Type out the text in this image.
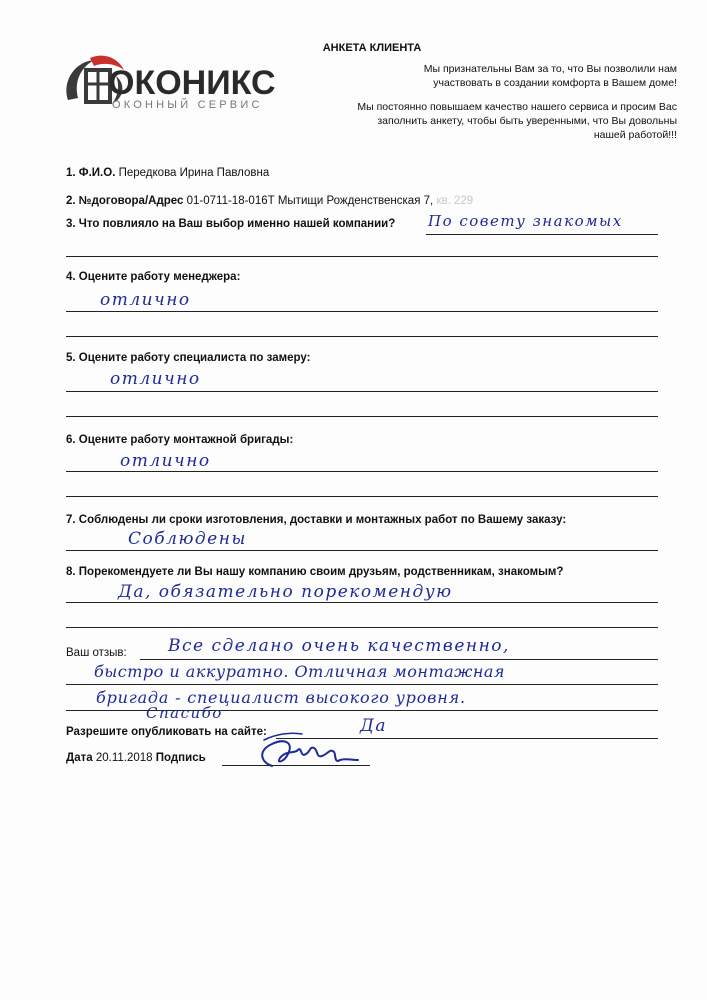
ОКОНИКС
ОКОННЫЙ СЕРВИС
АНКЕТА КЛИЕНТА
Мы признательны Вам за то, что Вы позволили нам участвовать в создании комфорта в Вашем доме!
Мы постоянно повышаем качество нашего сервиса и просим Вас заполнить анкету, чтобы быть уверенными, что Вы довольны нашей работой!!!
1. Ф.И.О. Передкова Ирина Павловна
2. №договора/Адрес 01-0711-18-016Т Мытищи Рожденственская 7, кв. 229
3. Что повлияло на Ваш выбор именно нашей компании? По совету знакомых
4. Оцените работу менеджера:
отлично
5. Оцените работу специалиста по замеру:
отлично
6. Оцените работу монтажной бригады:
отлично
7. Соблюдены ли сроки изготовления, доставки и монтажных работ по Вашему заказу:
Соблюдены
8. Порекомендуете ли Вы нашу компанию своим друзьям, родственникам, знакомым?
Да, обязательно порекомендую
Ваш отзыв: Все сделано очень качественно,
быстро и аккуратно. Отличная монтажная
бригада - специалист высокого уровня.
Спасибо
Разрешите опубликовать на сайте:	Да
Дата 20.11.2018 Подпись
